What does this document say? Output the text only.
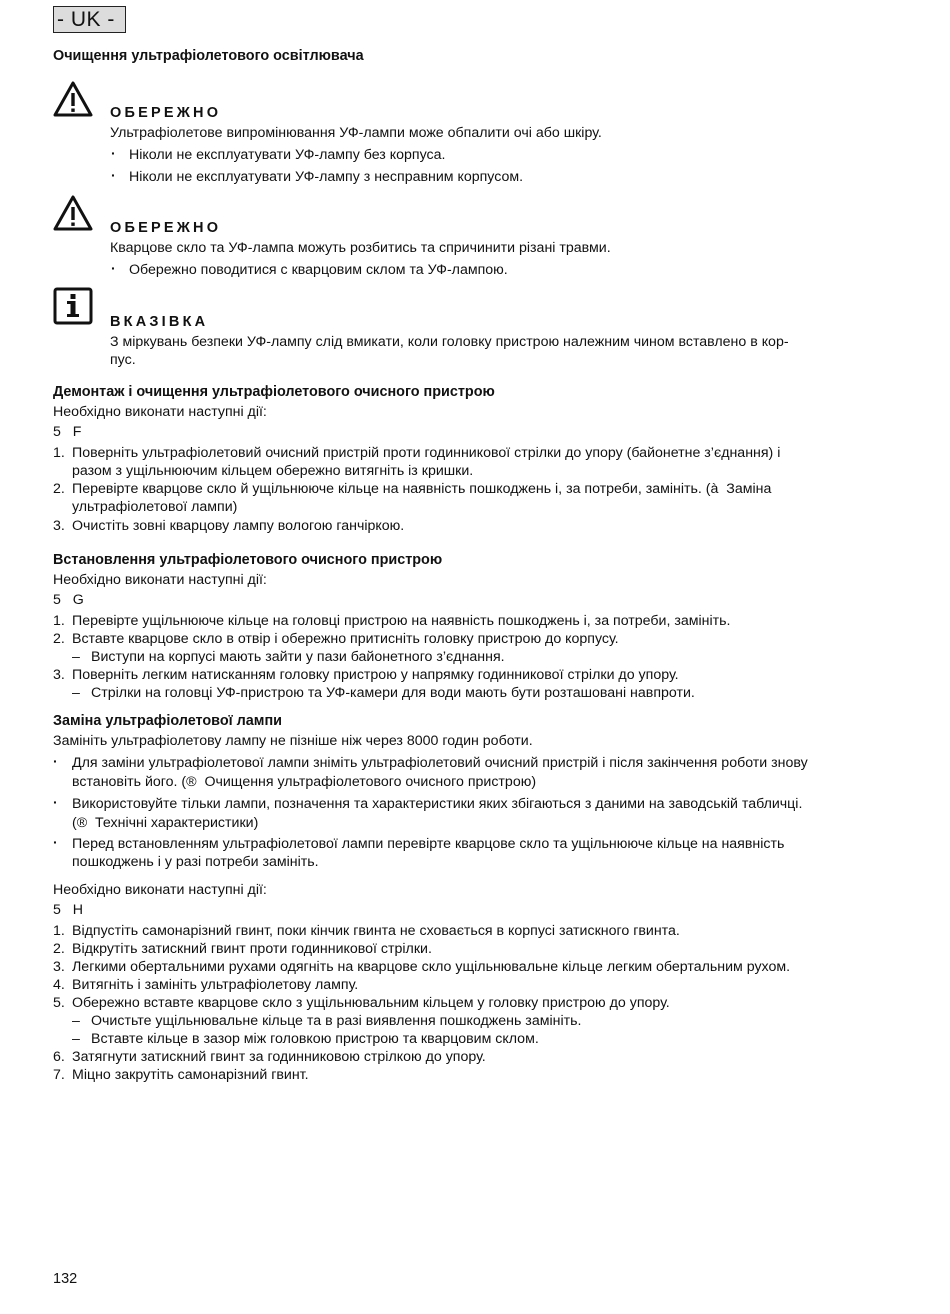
- UK -
Очищення ультрафіолетового освітлювача
ОБЕРЕЖНО
Ультрафіолетове випромінювання УФ-лампи може обпалити очі або шкіру.
· Ніколи не експлуатувати УФ-лампу без корпуса.
· Ніколи не експлуатувати УФ-лампу з несправним корпусом.
ОБЕРЕЖНО
Кварцове скло та УФ-лампа можуть розбитись та спричинити різані травми.
· Обережно поводитися с кварцовим склом та УФ-лампою.
ВКАЗІВКА
З міркувань безпеки УФ-лампу слід вмикати, коли головку пристрою належним чином вставлено в кор-
пус.
Демонтаж і очищення ультрафіолетового очисного пристрою
Необхідно виконати наступні дії:
5   F
1. Поверніть ультрафіолетовий очисний пристрій проти годинникової стрілки до упору (байонетне з’єднання) і
разом з ущільнюючим кільцем обережно витягніть із кришки.
2. Перевірте кварцове скло й ущільнююче кільце на наявність пошкоджень і, за потреби, замініть. (à  Заміна
ультрафіолетової лампи)
3. Очистіть зовні кварцову лампу вологою ганчіркою.
Встановлення ультрафіолетового очисного пристрою
Необхідно виконати наступні дії:
5   G
1. Перевірте ущільнююче кільце на головці пристрою на наявність пошкоджень і, за потреби, замініть.
2. Вставте кварцове скло в отвір і обережно притисніть головку пристрою до корпусу.
– Виступи на корпусі мають зайти у пази байонетного з’єднання.
3. Поверніть легким натисканням головку пристрою у напрямку годинникової стрілки до упору.
– Стрілки на головці УФ-пристрою та УФ-камери для води мають бути розташовані навпроти.
Заміна ультрафіолетової лампи
Замініть ультрафіолетову лампу не пізніше ніж через 8000 годин роботи.
· Для заміни ультрафіолетової лампи зніміть ультрафіолетовий очисний пристрій і після закінчення роботи знову
встановіть його. (®  Очищення ультрафіолетового очисного пристрою)
· Використовуйте тільки лампи, позначення та характеристики яких збігаються з даними на заводській табличці.
(®  Технічні характеристики)
· Перед встановленням ультрафіолетової лампи перевірте кварцове скло та ущільнююче кільце на наявність
пошкоджень і у разі потреби замініть.
Необхідно виконати наступні дії:
5   H
1. Відпустіть самонарізний гвинт, поки кінчик гвинта не сховається в корпусі затискного гвинта.
2. Відкрутіть затискний гвинт проти годинникової стрілки.
3. Легкими обертальними рухами одягніть на кварцове скло ущільнювальне кільце легким обертальним рухом.
4. Витягніть і замініть ультрафіолетову лампу.
5. Обережно вставте кварцове скло з ущільнювальним кільцем у головку пристрою до упору.
– Очистьте ущільнювальне кільце та в разі виявлення пошкоджень замініть.
– Вставте кільце в зазор між головкою пристрою та кварцовим склом.
6. Затягнути затискний гвинт за годинниковою стрілкою до упору.
7. Міцно закрутіть самонарізний гвинт.
132
